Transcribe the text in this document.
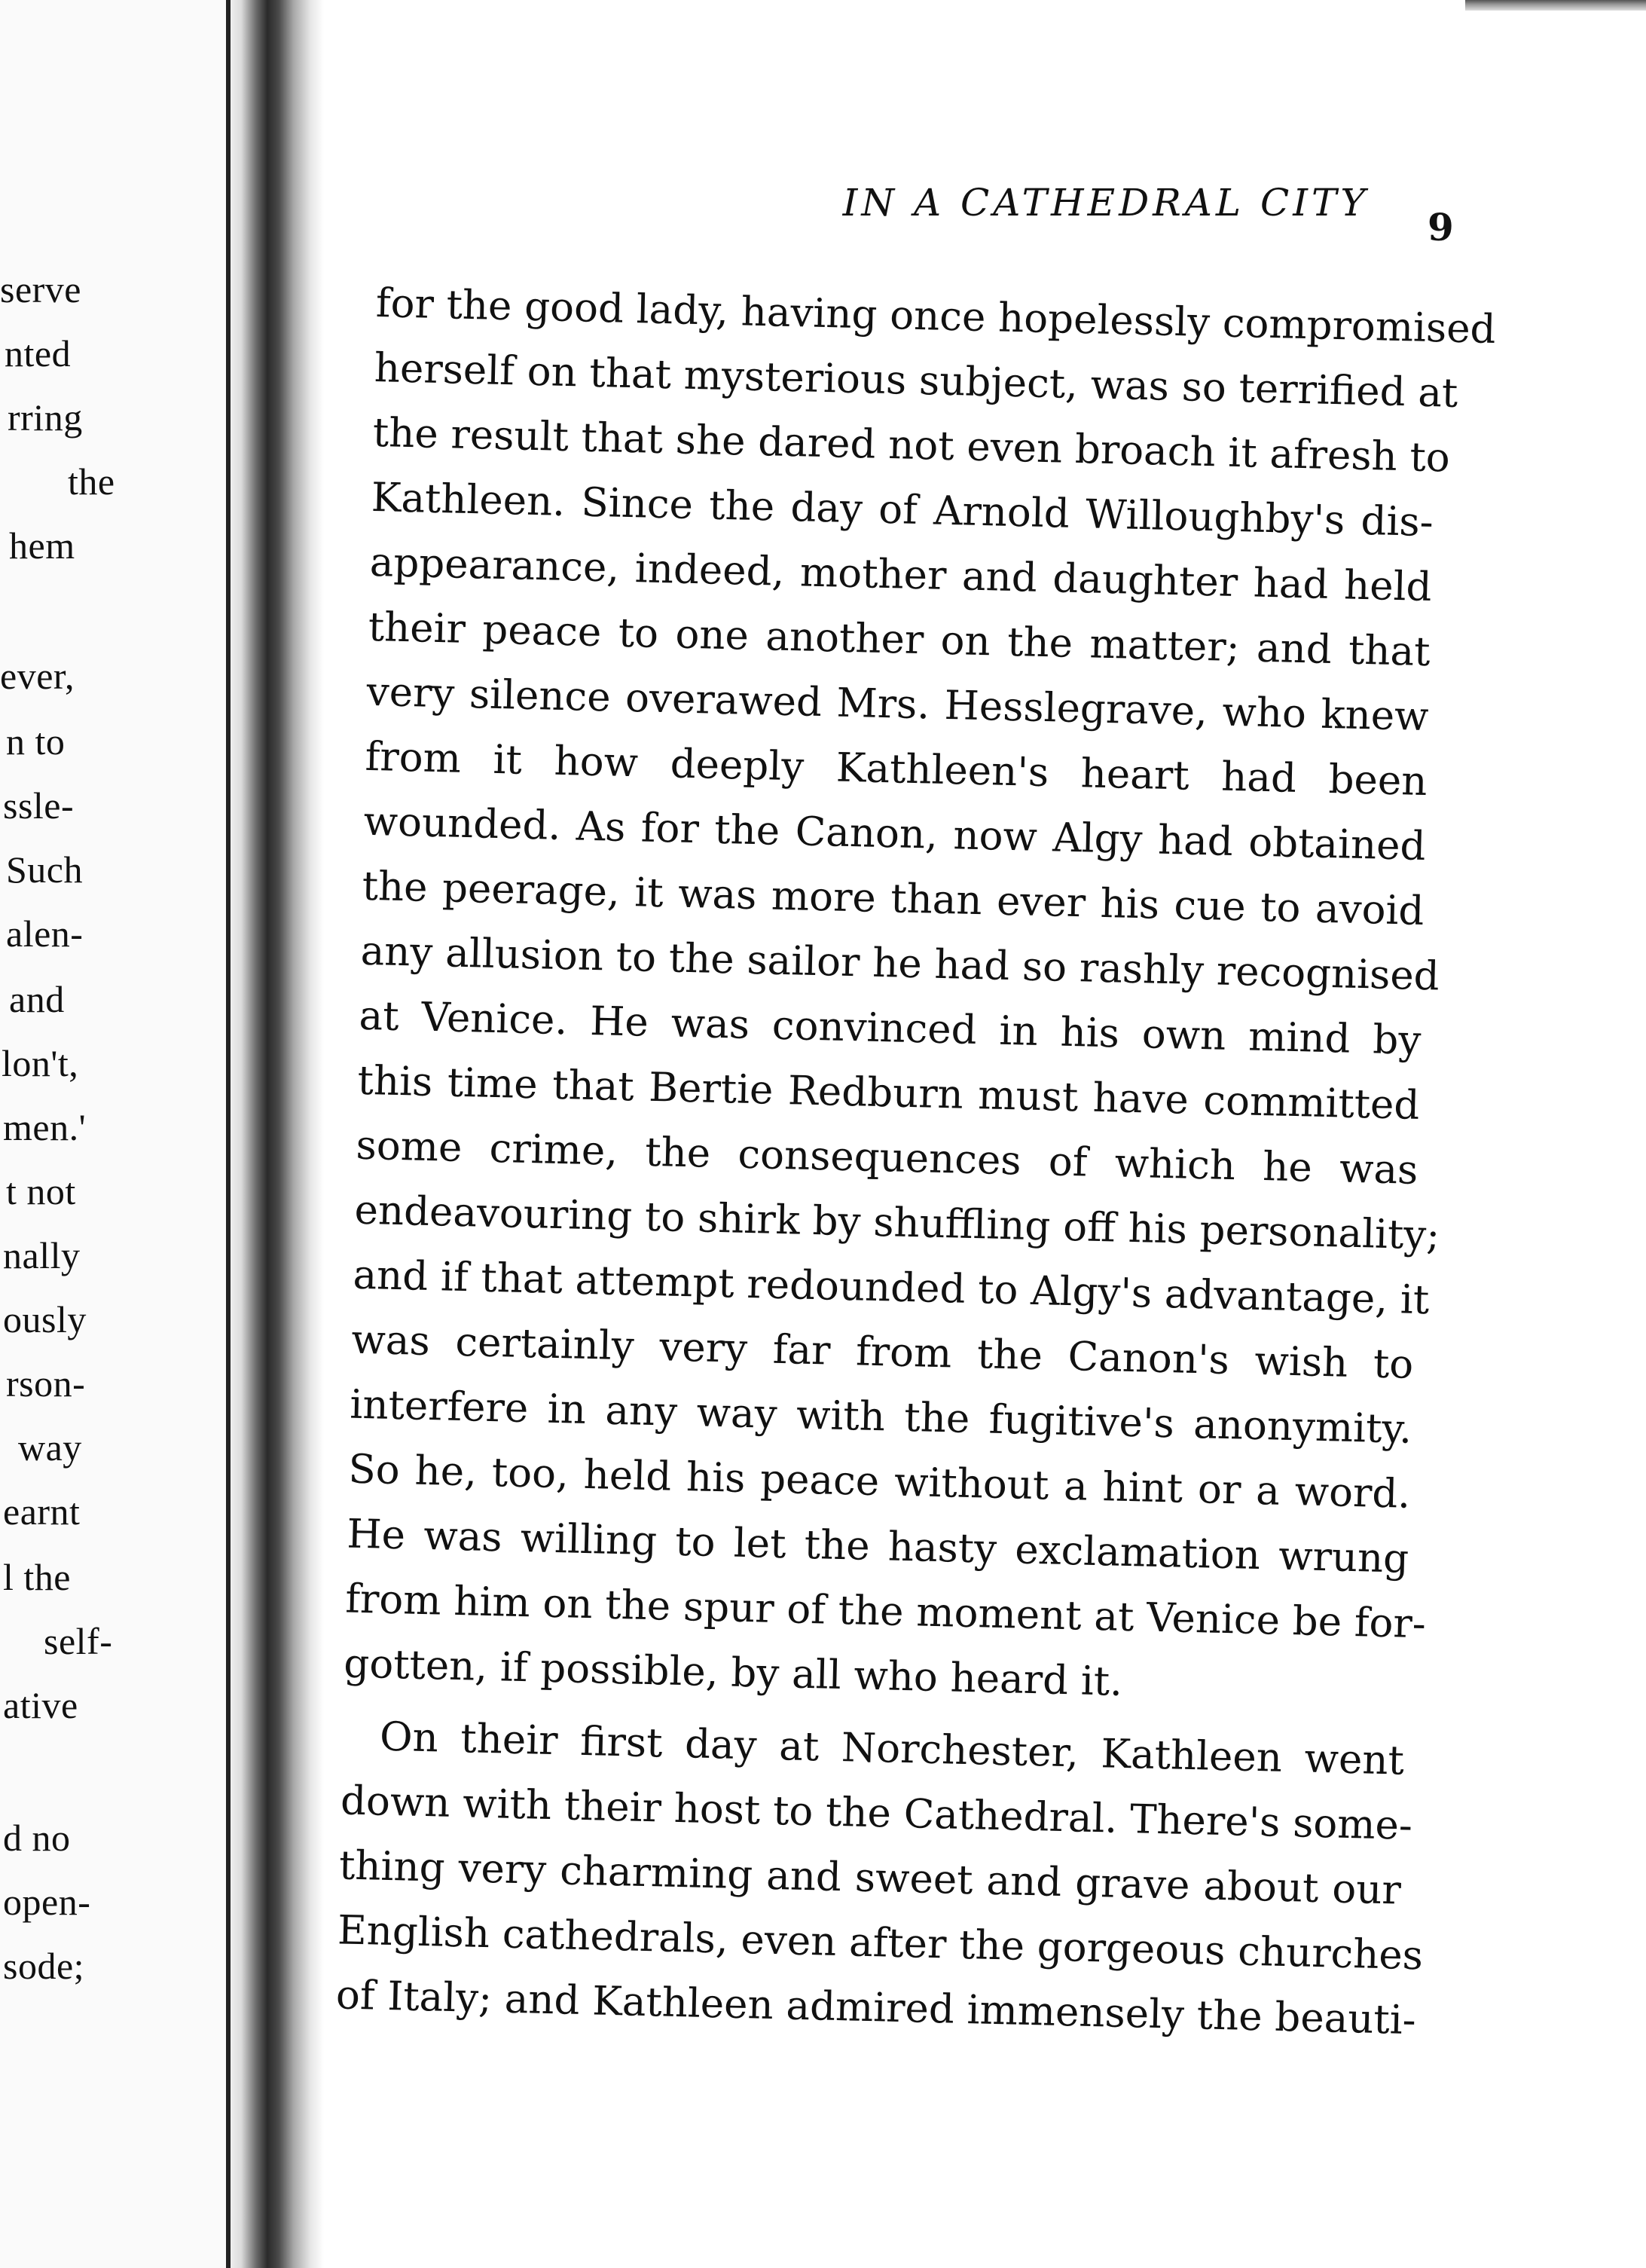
serve
nted
rring
the
hem
ever,
n to
ssle-
Such
alen-
and
lon't,
men.'
t not
nally
ously
rson-
way
earnt
l the
self-
ative
d no
open-
sode;
IN A CATHEDRAL CITY
9
for the good lady, having once hopelessly compromised
herself on that mysterious subject, was so terrified at
the result that she dared not even broach it afresh to
Kathleen. Since the day of Arnold Willoughby's dis-
appearance, indeed, mother and daughter had held
their peace to one another on the matter; and that
very silence overawed Mrs. Hesslegrave, who knew
from it how deeply Kathleen's heart had been
wounded. As for the Canon, now Algy had obtained
the peerage, it was more than ever his cue to avoid
any allusion to the sailor he had so rashly recognised
at Venice. He was convinced in his own mind by
this time that Bertie Redburn must have committed
some crime, the consequences of which he was
endeavouring to shirk by shuffling off his personality;
and if that attempt redounded to Algy's advantage, it
was certainly very far from the Canon's wish to
interfere in any way with the fugitive's anonymity.
So he, too, held his peace without a hint or a word.
He was willing to let the hasty exclamation wrung
from him on the spur of the moment at Venice be for-
gotten, if possible, by all who heard it.
On their first day at Norchester, Kathleen went
down with their host to the Cathedral. There's some-
thing very charming and sweet and grave about our
English cathedrals, even after the gorgeous churches
of Italy; and Kathleen admired immensely the beauti-
